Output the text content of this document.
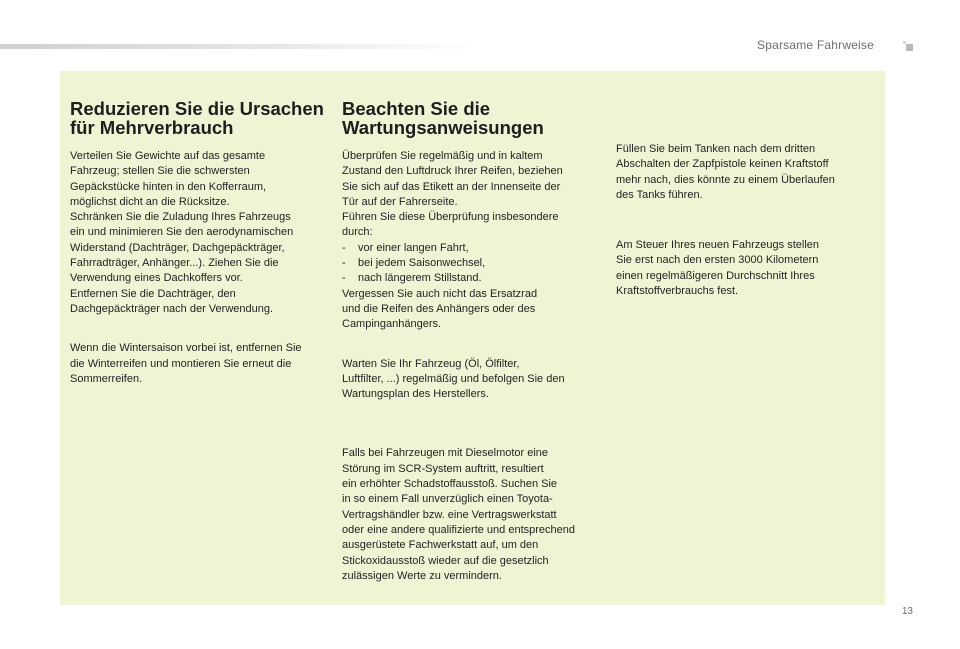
Sparsame Fahrweise
Reduzieren Sie die Ursachen für Mehrverbrauch

Verteilen Sie Gewichte auf das gesamte
Fahrzeug; stellen Sie die schwersten
Gepäckstücke hinten in den Kofferraum,
möglichst dicht an die Rücksitze.

Schränken Sie die Zuladung Ihres Fahrzeugs
ein und minimieren Sie den aerodynamischen
Widerstand (Dachträger, Dachgepäckträger,
Fahrradträger, Anhänger...). Ziehen Sie die
Verwendung eines Dachkoffers vor.

Entfernen Sie die Dachträger, den
Dachgepäckträger nach der Verwendung.

Wenn die Wintersaison vorbei ist, entfernen Sie
die Winterreifen und montieren Sie erneut die
Sommerreifen.

Beachten Sie die Wartungsanweisungen

Überprüfen Sie regelmäßig und in kaltem
Zustand den Luftdruck Ihrer Reifen, beziehen
Sie sich auf das Etikett an der Innenseite der
Tür auf der Fahrerseite.

Führen Sie diese Überprüfung insbesondere
durch:

- vor einer langen Fahrt,
- bei jedem Saisonwechsel,
- nach längerem Stillstand.

Vergessen Sie auch nicht das Ersatzrad
und die Reifen des Anhängers oder des
Campinganhängers.

Warten Sie Ihr Fahrzeug (Öl, Ölfilter,
Luftfilter, ...) regelmäßig und befolgen Sie den
Wartungsplan des Herstellers.

Falls bei Fahrzeugen mit Dieselmotor eine
Störung im SCR-System auftritt, resultiert
ein erhöhter Schadstoffausstoß. Suchen Sie
in so einem Fall unverzüglich einen Toyota-
Vertragshändler bzw. eine Vertragswerkstatt
oder eine andere qualifizierte und entsprechend
ausgerüstete Fachwerkstatt auf, um den
Stickoxidausstoß wieder auf die gesetzlich
zulässigen Werte zu vermindern.

Füllen Sie beim Tanken nach dem dritten
Abschalten der Zapfpistole keinen Kraftstoff
mehr nach, dies könnte zu einem Überlaufen
des Tanks führen.

Am Steuer Ihres neuen Fahrzeugs stellen
Sie erst nach den ersten 3000 Kilometern
einen regelmäßigeren Durchschnitt Ihres
Kraftstoffverbrauchs fest.

13
